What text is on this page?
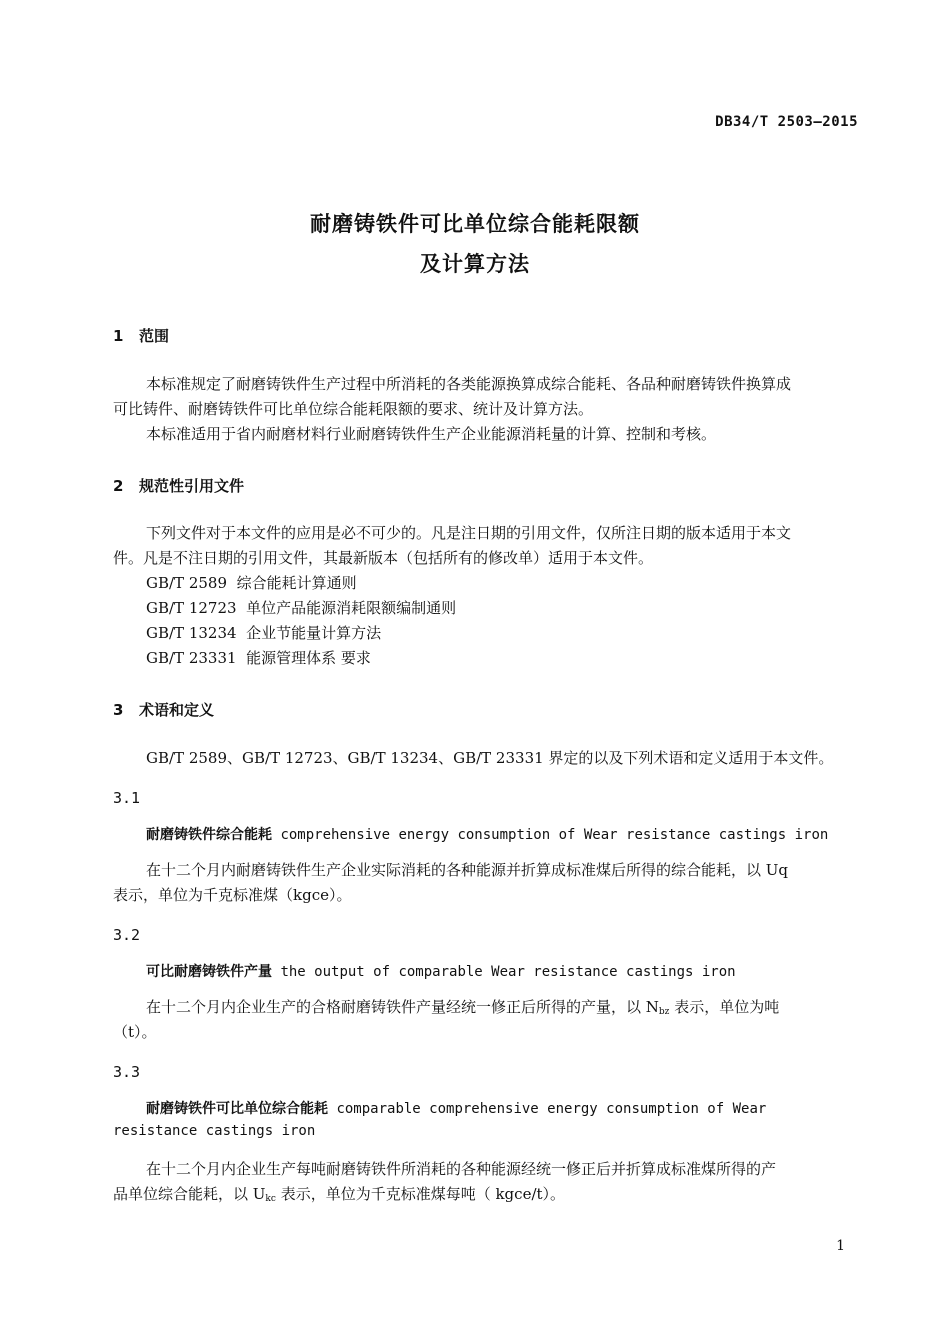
DB34/T 2503—2015
耐磨铸铁件可比单位综合能耗限额
及计算方法
1 范围
本标准规定了耐磨铸铁件生产过程中所消耗的各类能源换算成综合能耗、各品种耐磨铸铁件换算成
可比铸件、耐磨铸铁件可比单位综合能耗限额的要求、统计及计算方法。
本标准适用于省内耐磨材料行业耐磨铸铁件生产企业能源消耗量的计算、控制和考核。
2 规范性引用文件
下列文件对于本文件的应用是必不可少的。凡是注日期的引用文件，仅所注日期的版本适用于本文
件。凡是不注日期的引用文件，其最新版本（包括所有的修改单）适用于本文件。
GB/T 2589 综合能耗计算通则
GB/T 12723 单位产品能源消耗限额编制通则
GB/T 13234 企业节能量计算方法
GB/T 23331 能源管理体系 要求
3 术语和定义
GB/T 2589、GB/T 12723、GB/T 13234、GB/T 23331 界定的以及下列术语和定义适用于本文件。
3.1
耐磨铸铁件综合能耗 comprehensive energy consumption of Wear resistance castings iron
在十二个月内耐磨铸铁件生产企业实际消耗的各种能源并折算成标准煤后所得的综合能耗，以 Uq
表示，单位为千克标准煤（kgce）。
3.2
可比耐磨铸铁件产量 the output of comparable Wear resistance castings iron
在十二个月内企业生产的合格耐磨铸铁件产量经统一修正后所得的产量，以 $N_{bz}$ 表示，单位为吨
（t）。
3.3
耐磨铸铁件可比单位综合能耗 comparable comprehensive energy consumption of Wear
resistance castings iron
在十二个月内企业生产每吨耐磨铸铁件所消耗的各种能源经统一修正后并折算成标准煤所得的产
品单位综合能耗，以 $U_{kc}$ 表示，单位为千克标准煤每吨（ kgce/t）。
1
